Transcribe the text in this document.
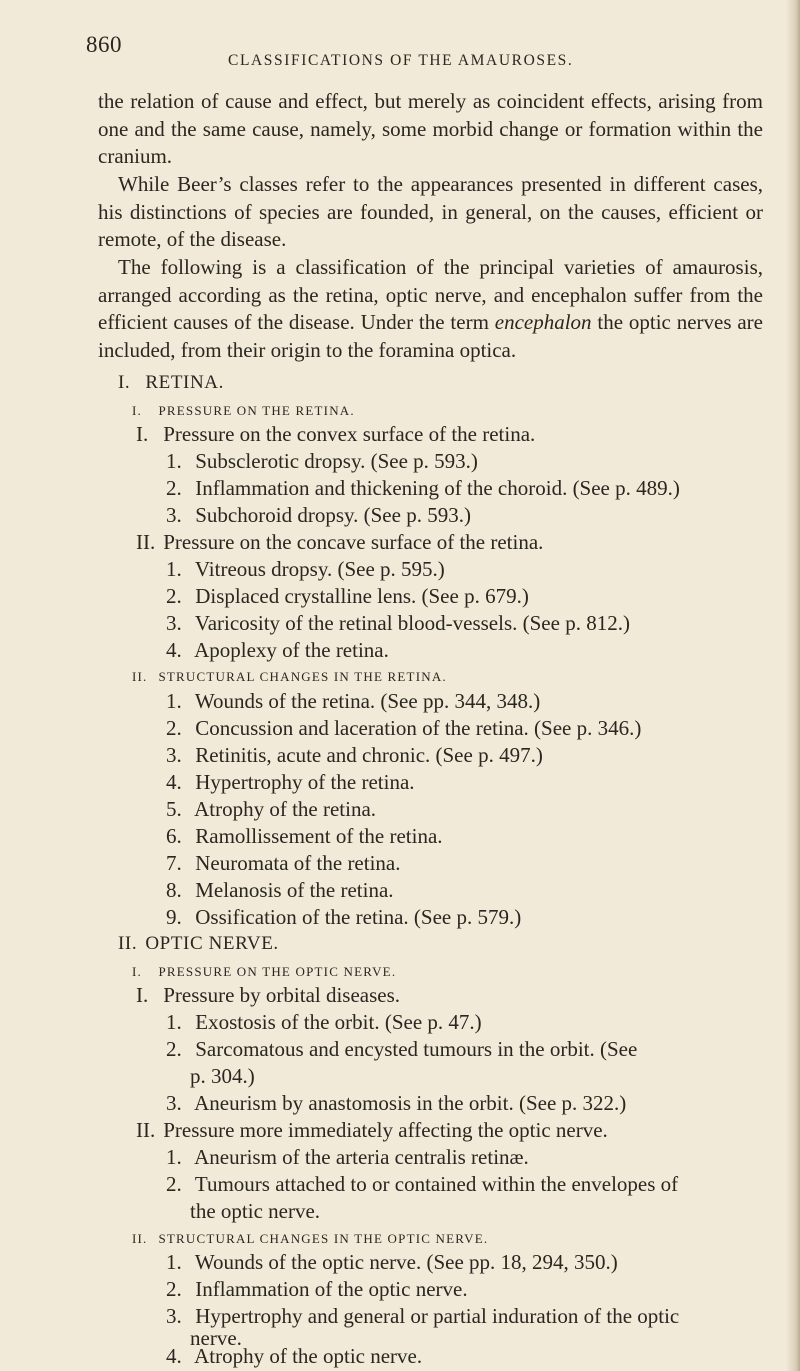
860
CLASSIFICATIONS OF THE AMAUROSES.

the relation of cause and effect, but merely as coincident effects, arising from one and the same cause, namely, some morbid change or formation within the cranium.

While Beer’s classes refer to the appearances presented in different cases, his distinctions of species are founded, in general, on the causes, efficient or remote, of the disease.

The following is a classification of the principal varieties of amaurosis, arranged according as the retina, optic nerve, and encephalon suffer from the efficient causes of the disease. Under the term encephalon the optic nerves are included, from their origin to the foramina optica.

I. RETINA.
I. PRESSURE ON THE RETINA.
I. Pressure on the convex surface of the retina.
1. Subsclerotic dropsy. (See p. 593.)
2. Inflammation and thickening of the choroid. (See p. 489.)
3. Subchoroid dropsy. (See p. 593.)
II. Pressure on the concave surface of the retina.
1. Vitreous dropsy. (See p. 595.)
2. Displaced crystalline lens. (See p. 679.)
3. Varicosity of the retinal blood-vessels. (See p. 812.)
4. Apoplexy of the retina.
II. STRUCTURAL CHANGES IN THE RETINA.
1. Wounds of the retina. (See pp. 344, 348.)
2. Concussion and laceration of the retina. (See p. 346.)
3. Retinitis, acute and chronic. (See p. 497.)
4. Hypertrophy of the retina.
5. Atrophy of the retina.
6. Ramollissement of the retina.
7. Neuromata of the retina.
8. Melanosis of the retina.
9. Ossification of the retina. (See p. 579.)
II. OPTIC NERVE.
I. PRESSURE ON THE OPTIC NERVE.
I. Pressure by orbital diseases.
1. Exostosis of the orbit. (See p. 47.)
2. Sarcomatous and encysted tumours in the orbit. (See
p. 304.)
3. Aneurism by anastomosis in the orbit. (See p. 322.)
II. Pressure more immediately affecting the optic nerve.
1. Aneurism of the arteria centralis retinæ.
2. Tumours attached to or contained within the envelopes of
the optic nerve.
II. STRUCTURAL CHANGES IN THE OPTIC NERVE.
1. Wounds of the optic nerve. (See pp. 18, 294, 350.)
2. Inflammation of the optic nerve.
3. Hypertrophy and general or partial induration of the optic
nerve.
4. Atrophy of the optic nerve.
